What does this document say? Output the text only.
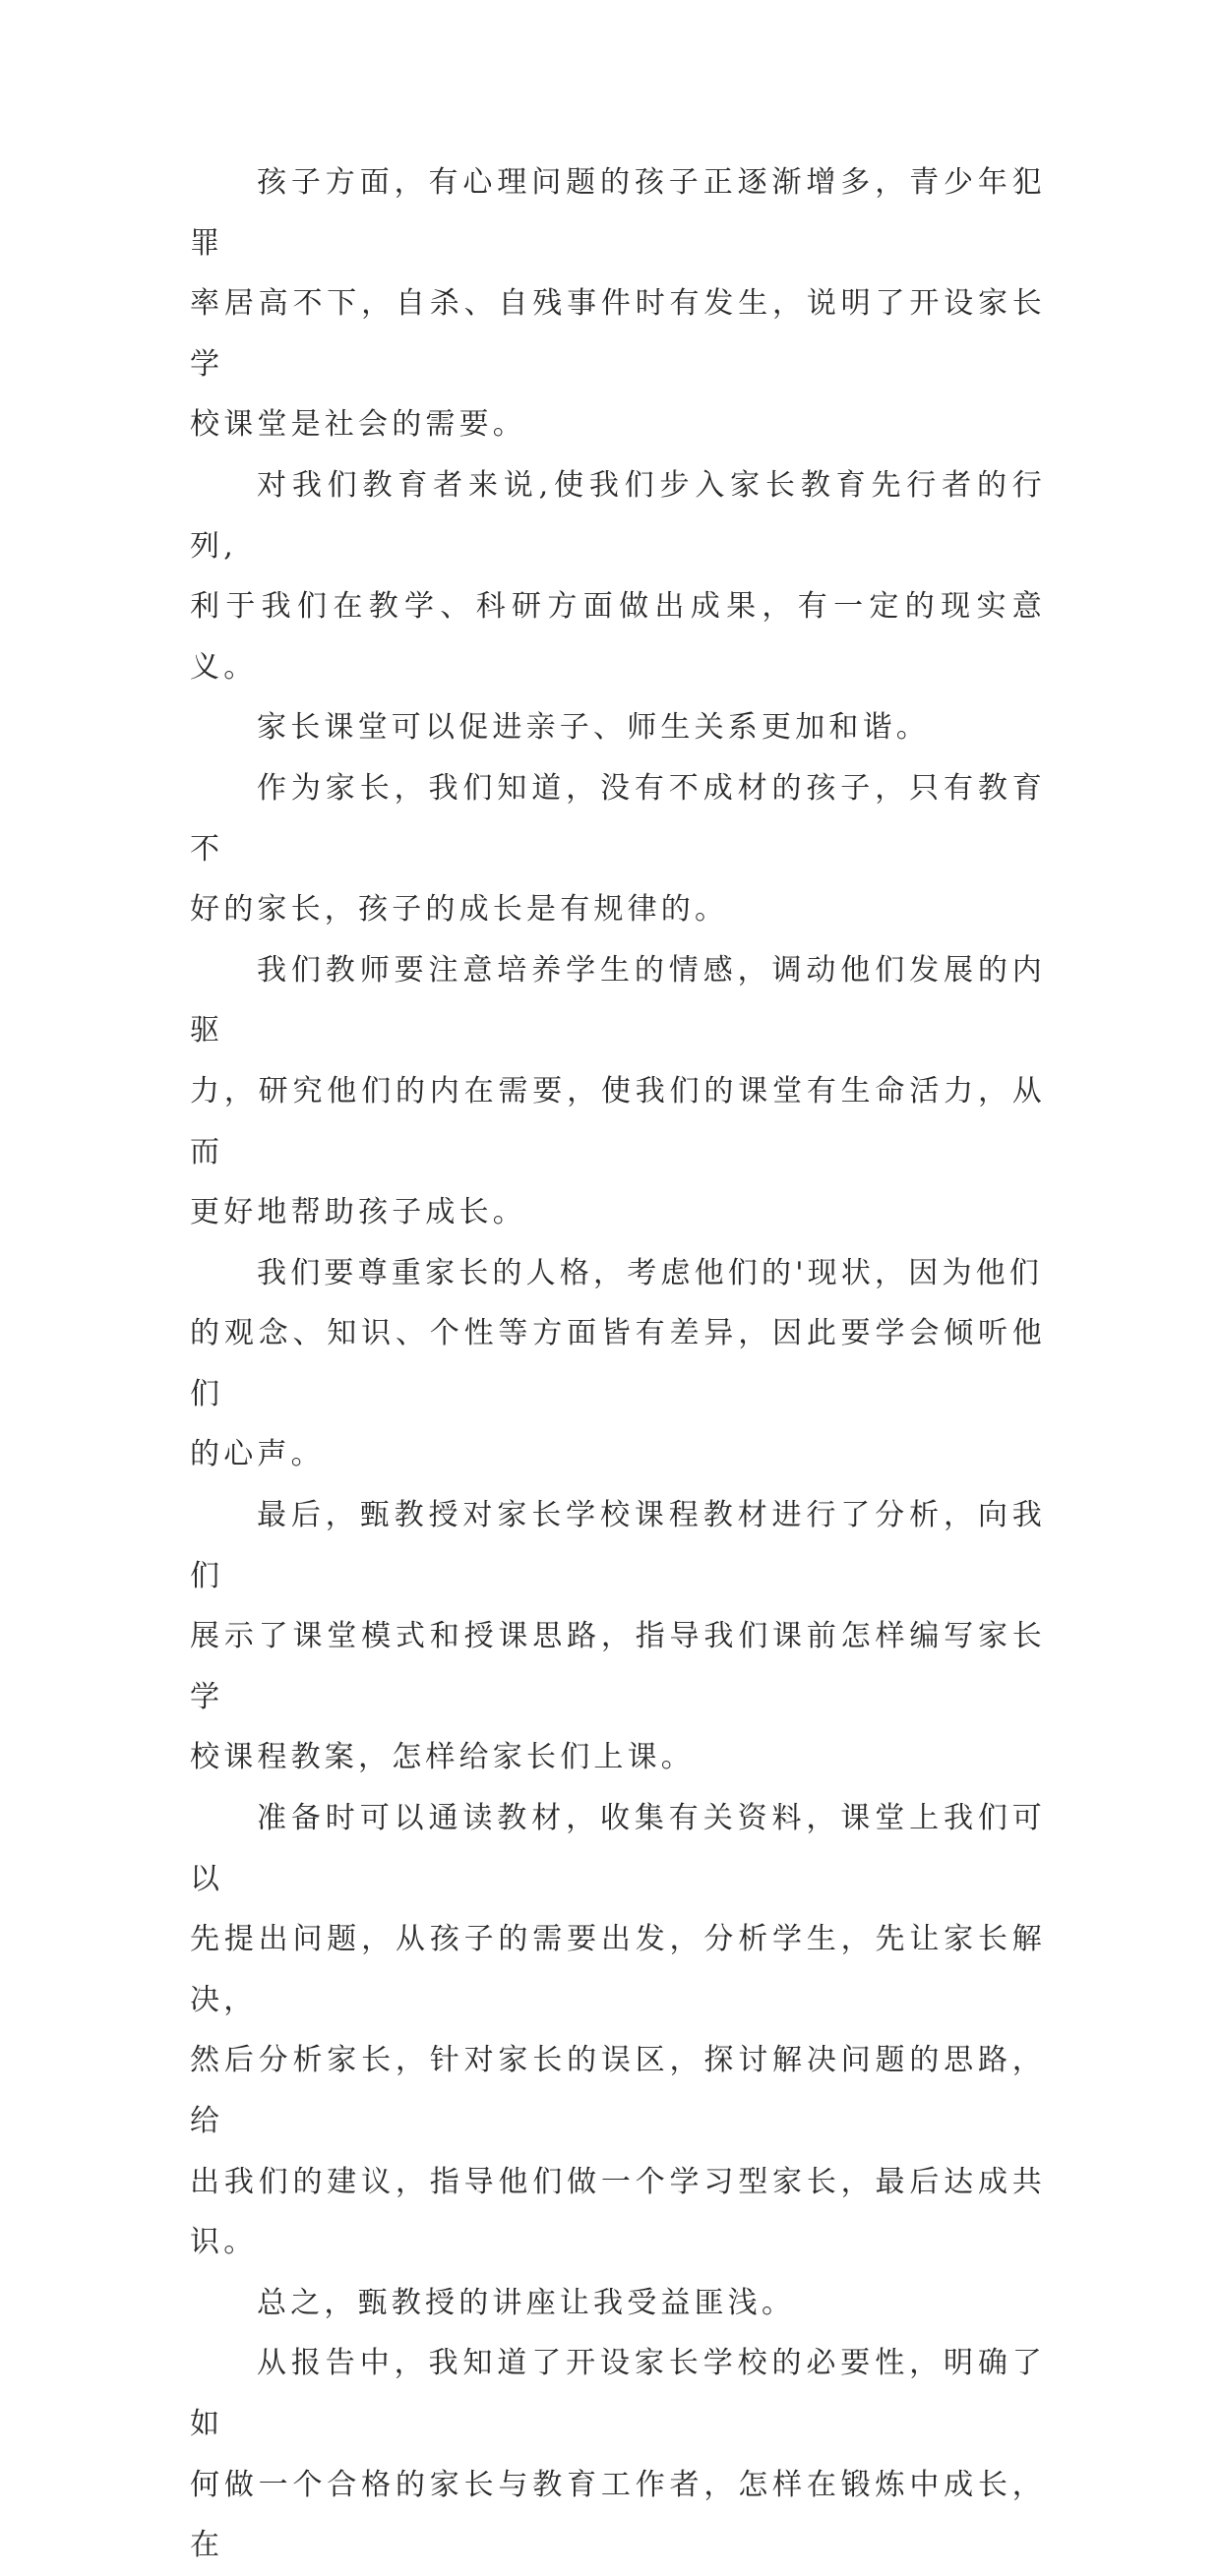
孩子方面，有心理问题的孩子正逐渐增多，青少年犯罪
率居高不下，自杀、自残事件时有发生，说明了开设家长学
校课堂是社会的需要。

对我们教育者来说,使我们步入家长教育先行者的行列,
利于我们在教学、科研方面做出成果，有一定的现实意义。

家长课堂可以促进亲子、师生关系更加和谐。

作为家长，我们知道，没有不成材的孩子，只有教育不
好的家长，孩子的成长是有规律的。

我们教师要注意培养学生的情感，调动他们发展的内驱
力，研究他们的内在需要，使我们的课堂有生命活力，从而
更好地帮助孩子成长。

我们要尊重家长的人格，考虑他们的'现状，因为他们
的观念、知识、个性等方面皆有差异，因此要学会倾听他们
的心声。

最后，甄教授对家长学校课程教材进行了分析，向我们
展示了课堂模式和授课思路，指导我们课前怎样编写家长学
校课程教案，怎样给家长们上课。

准备时可以通读教材，收集有关资料，课堂上我们可以
先提出问题，从孩子的需要出发，分析学生，先让家长解决，
然后分析家长，针对家长的误区，探讨解决问题的思路，给
出我们的建议，指导他们做一个学习型家长，最后达成共识。

总之，甄教授的讲座让我受益匪浅。

从报告中，我知道了开设家长学校的必要性，明确了如
何做一个合格的家长与教育工作者，怎样在锻炼中成长，在
